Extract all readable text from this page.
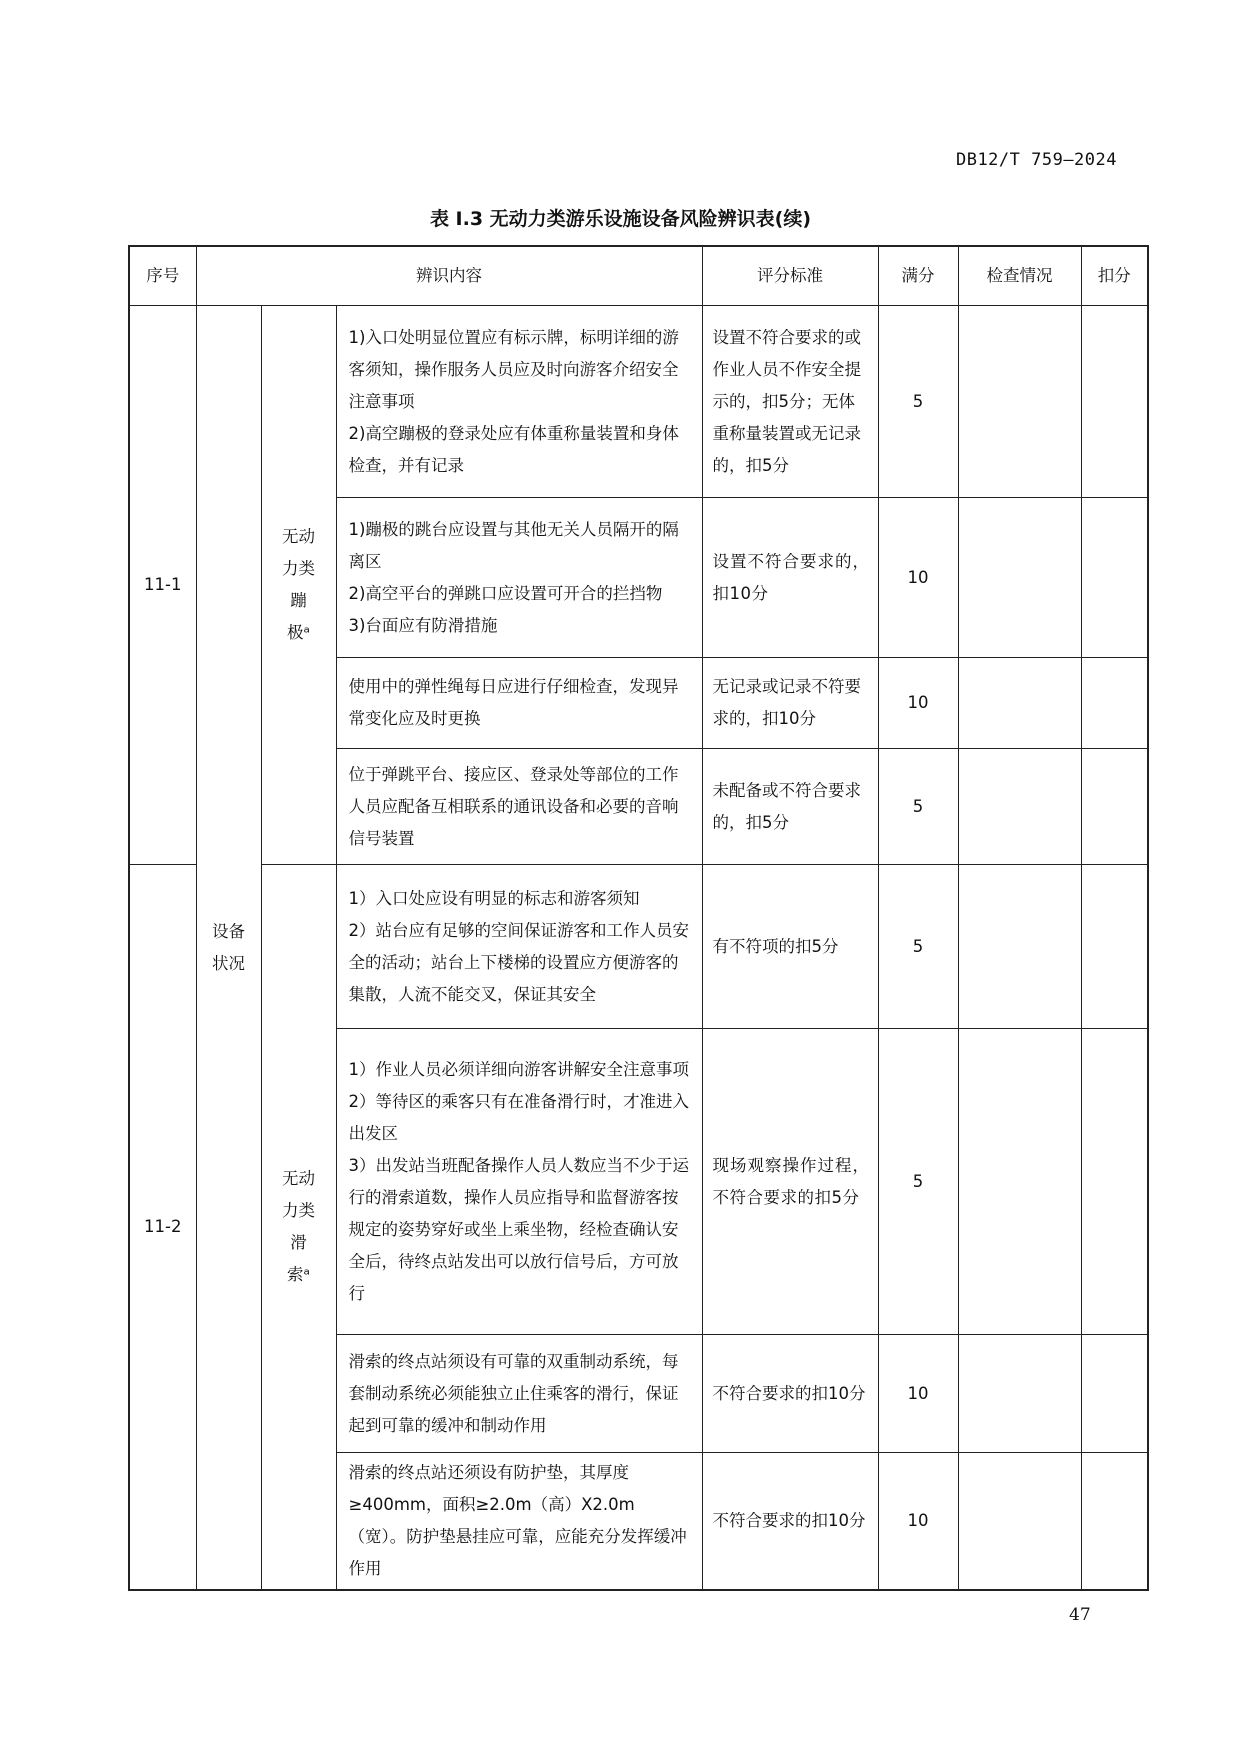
DB12/T 759—2024
表 I.3 无动力类游乐设施设备风险辨识表(续)
序号	辨识内容			评分标准	满分	检查情况	扣分
11-1	设备状况	无动
力类
蹦
极ᵃ	1)入口处明显位置应有标示牌，标明详细的游客须知，操作服务人员应及时向游客介绍安全注意事项
2)高空蹦极的登录处应有体重称量装置和身体检查，并有记录	设置不符合要求的或作业人员不作安全提示的，扣5分；无体重称量装置或无记录的，扣5分	5		

			1)蹦极的跳台应设置与其他无关人员隔开的隔离区
2)高空平台的弹跳口应设置可开合的拦挡物
3)台面应有防滑措施	设置不符合要求的，扣10分	10		

			使用中的弹性绳每日应进行仔细检查，发现异常变化应及时更换	无记录或记录不符要求的，扣10分	10		

			位于弹跳平台、接应区、登录处等部位的工作人员应配备互相联系的通讯设备和必要的音响信号装置	未配备或不符合要求的，扣5分	5		
11-2		无动
力类
滑
索ᵃ	1）入口处应设有明显的标志和游客须知
2）站台应有足够的空间保证游客和工作人员安全的活动；站台上下楼梯的设置应方便游客的集散，人流不能交叉，保证其安全	有不符项的扣5分	5		

			1）作业人员必须详细向游客讲解安全注意事项
2）等待区的乘客只有在准备滑行时，才准进入出发区
3）出发站当班配备操作人员人数应当不少于运行的滑索道数，操作人员应指导和监督游客按规定的姿势穿好或坐上乘坐物，经检查确认安全后，待终点站发出可以放行信号后，方可放行	现场观察操作过程，不符合要求的扣5分	5		

			滑索的终点站须设有可靠的双重制动系统，每套制动系统必须能独立止住乘客的滑行，保证起到可靠的缓冲和制动作用	不符合要求的扣10分	10		

			滑索的终点站还须设有防护垫，其厚度≥400mm，面积≥2.0m（高）X2.0m（宽）。防护垫悬挂应可靠，应能充分发挥缓冲作用	不符合要求的扣10分	10		
47
